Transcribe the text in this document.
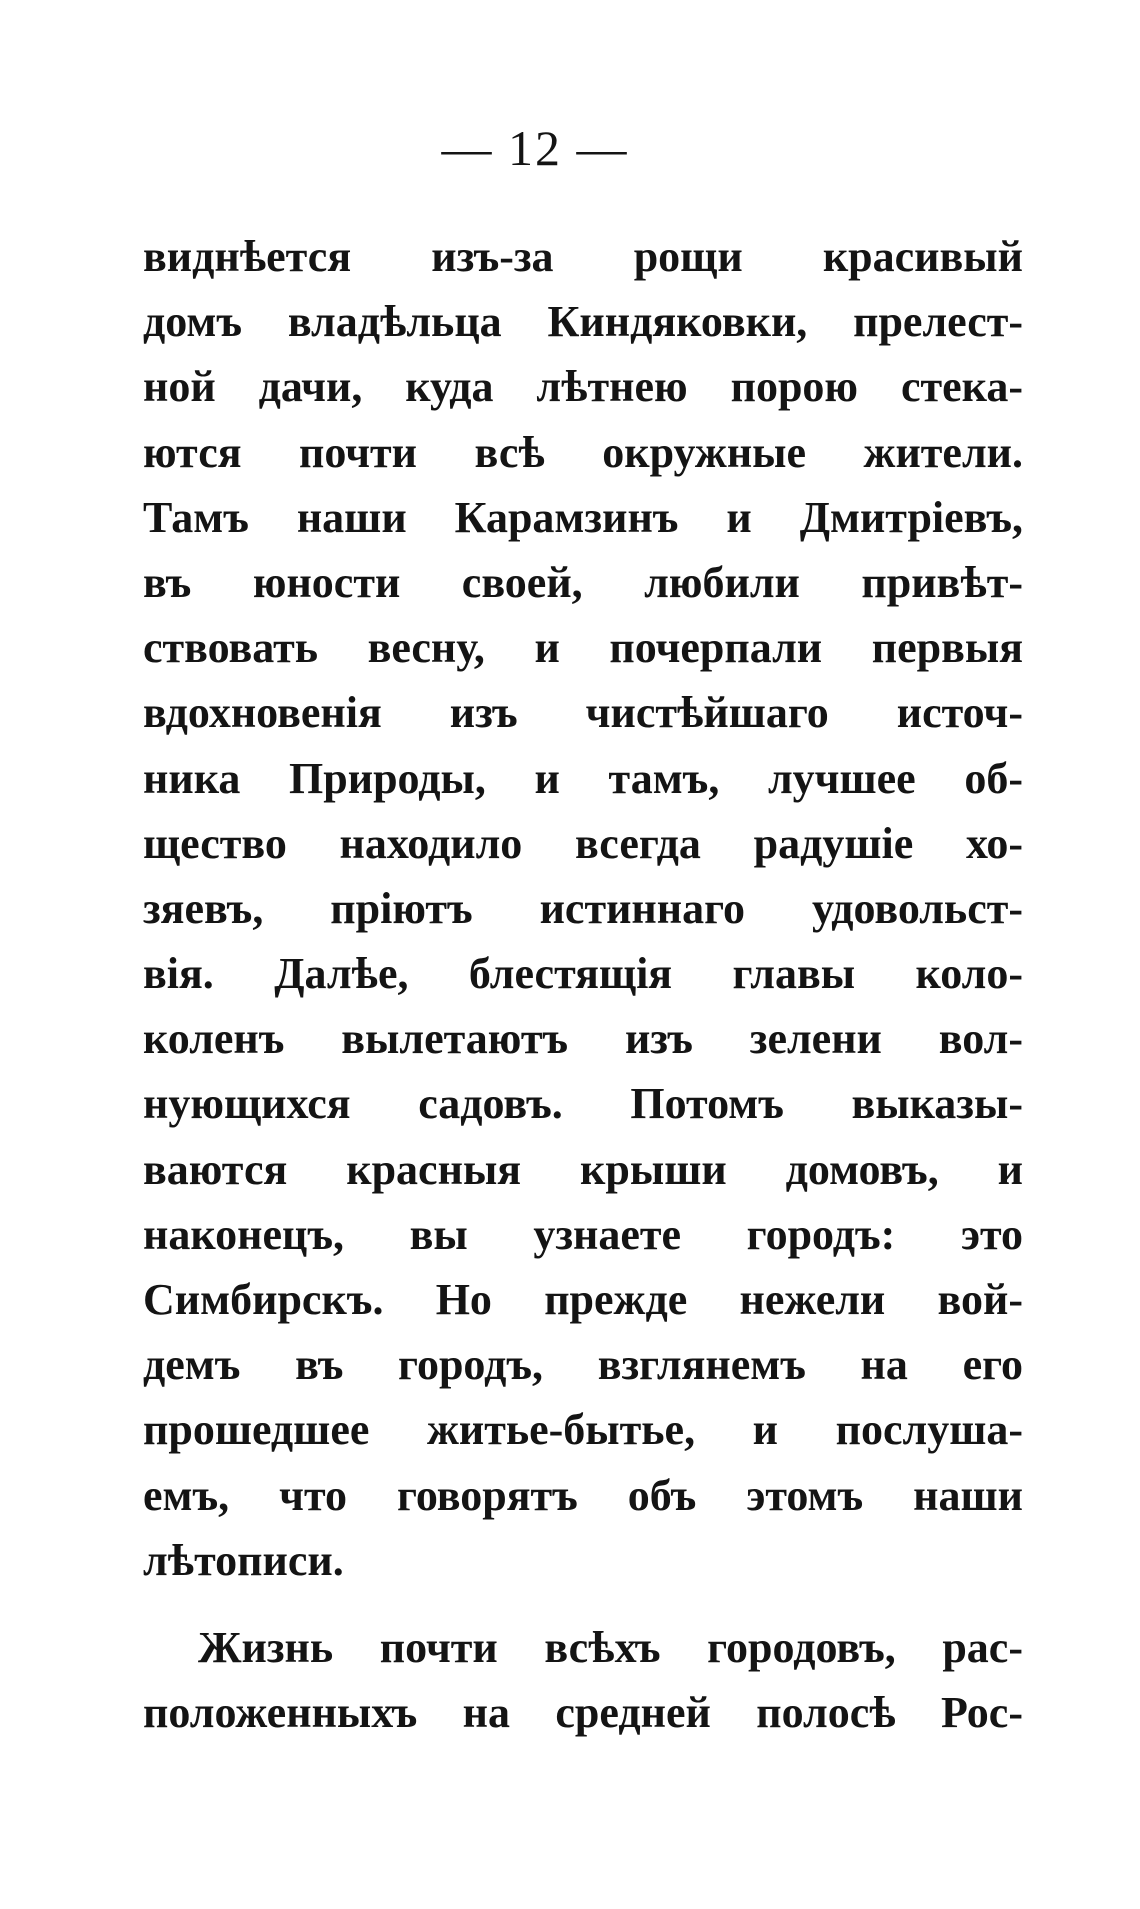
— 12 —
виднѣется изъ-за рощи красивый
домъ владѣльца Киндяковки, прелест-
ной дачи, куда лѣтнею порою стека-
ются почти всѣ окружные жители.
Тамъ наши Карамзинъ и Дмитріевъ,
въ юности своей, любили привѣт-
ствовать весну, и почерпали первыя
вдохновенія изъ чистѣйшаго источ-
ника Природы, и тамъ, лучшее об-
щество находило всегда радушіе хо-
зяевъ, пріютъ истиннаго удовольст-
вія. Далѣе, блестящія главы коло-
коленъ вылетаютъ изъ зелени вол-
нующихся садовъ. Потомъ выказы-
ваются красныя крыши домовъ, и
наконецъ, вы узнаете городъ: это
Симбирскъ. Но прежде нежели вой-
демъ въ городъ, взглянемъ на его
прошедшее житье-бытье, и послуша-
емъ, что говорятъ объ этомъ наши
лѣтописи.
Жизнь почти всѣхъ городовъ, рас-
положенныхъ на средней полосѣ Рос-
